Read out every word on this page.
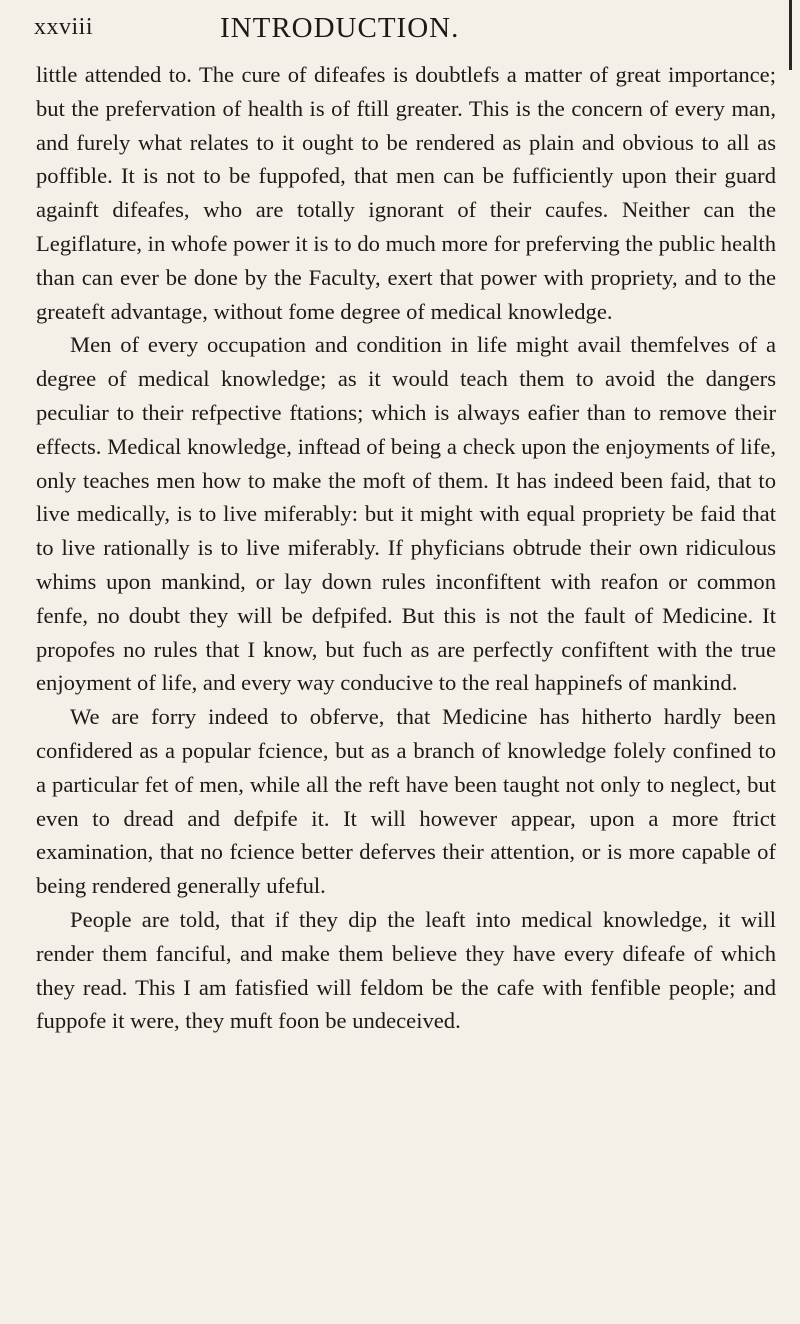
xxviii	INTRODUCTION.

little attended to. The cure of difeafes is doubtlefs a matter of great importance; but the prefervation of health is of ftill greater. This is the concern of every man, and furely what relates to it ought to be rendered as plain and obvious to all as poffible. It is not to be fuppofed, that men can be fufficiently upon their guard againft difeafes, who are totally ignorant of their caufes. Neither can the Legiflature, in whofe power it is to do much more for preferving the public health than can ever be done by the Faculty, exert that power with propriety, and to the greateft advantage, without fome degree of medical knowledge.

Men of every occupation and condition in life might avail themfelves of a degree of medical knowledge; as it would teach them to avoid the dangers peculiar to their refpective ftations; which is always eafier than to remove their effects. Medical knowledge, inftead of being a check upon the enjoyments of life, only teaches men how to make the moft of them. It has indeed been faid, that to live medically, is to live miferably: but it might with equal propriety be faid that to live rationally is to live miferably. If phyficians obtrude their own ridiculous whims upon mankind, or lay down rules inconfiftent with reafon or common fenfe, no doubt they will be defpifed. But this is not the fault of Medicine. It propofes no rules that I know, but fuch as are perfectly confiftent with the true enjoyment of life, and every way conducive to the real happinefs of mankind.

We are forry indeed to obferve, that Medicine has hitherto hardly been confidered as a popular fcience, but as a branch of knowledge folely confined to a particular fet of men, while all the reft have been taught not only to neglect, but even to dread and defpife it. It will however appear, upon a more ftrict examination, that no fcience better deferves their attention, or is more capable of being rendered generally ufeful.

People are told, that if they dip the leaft into medical knowledge, it will render them fanciful, and make them believe they have every difeafe of which they read. This I am fatisfied will feldom be the cafe with fenfible people; and fuppofe it were, they muft foon be undeceived.
